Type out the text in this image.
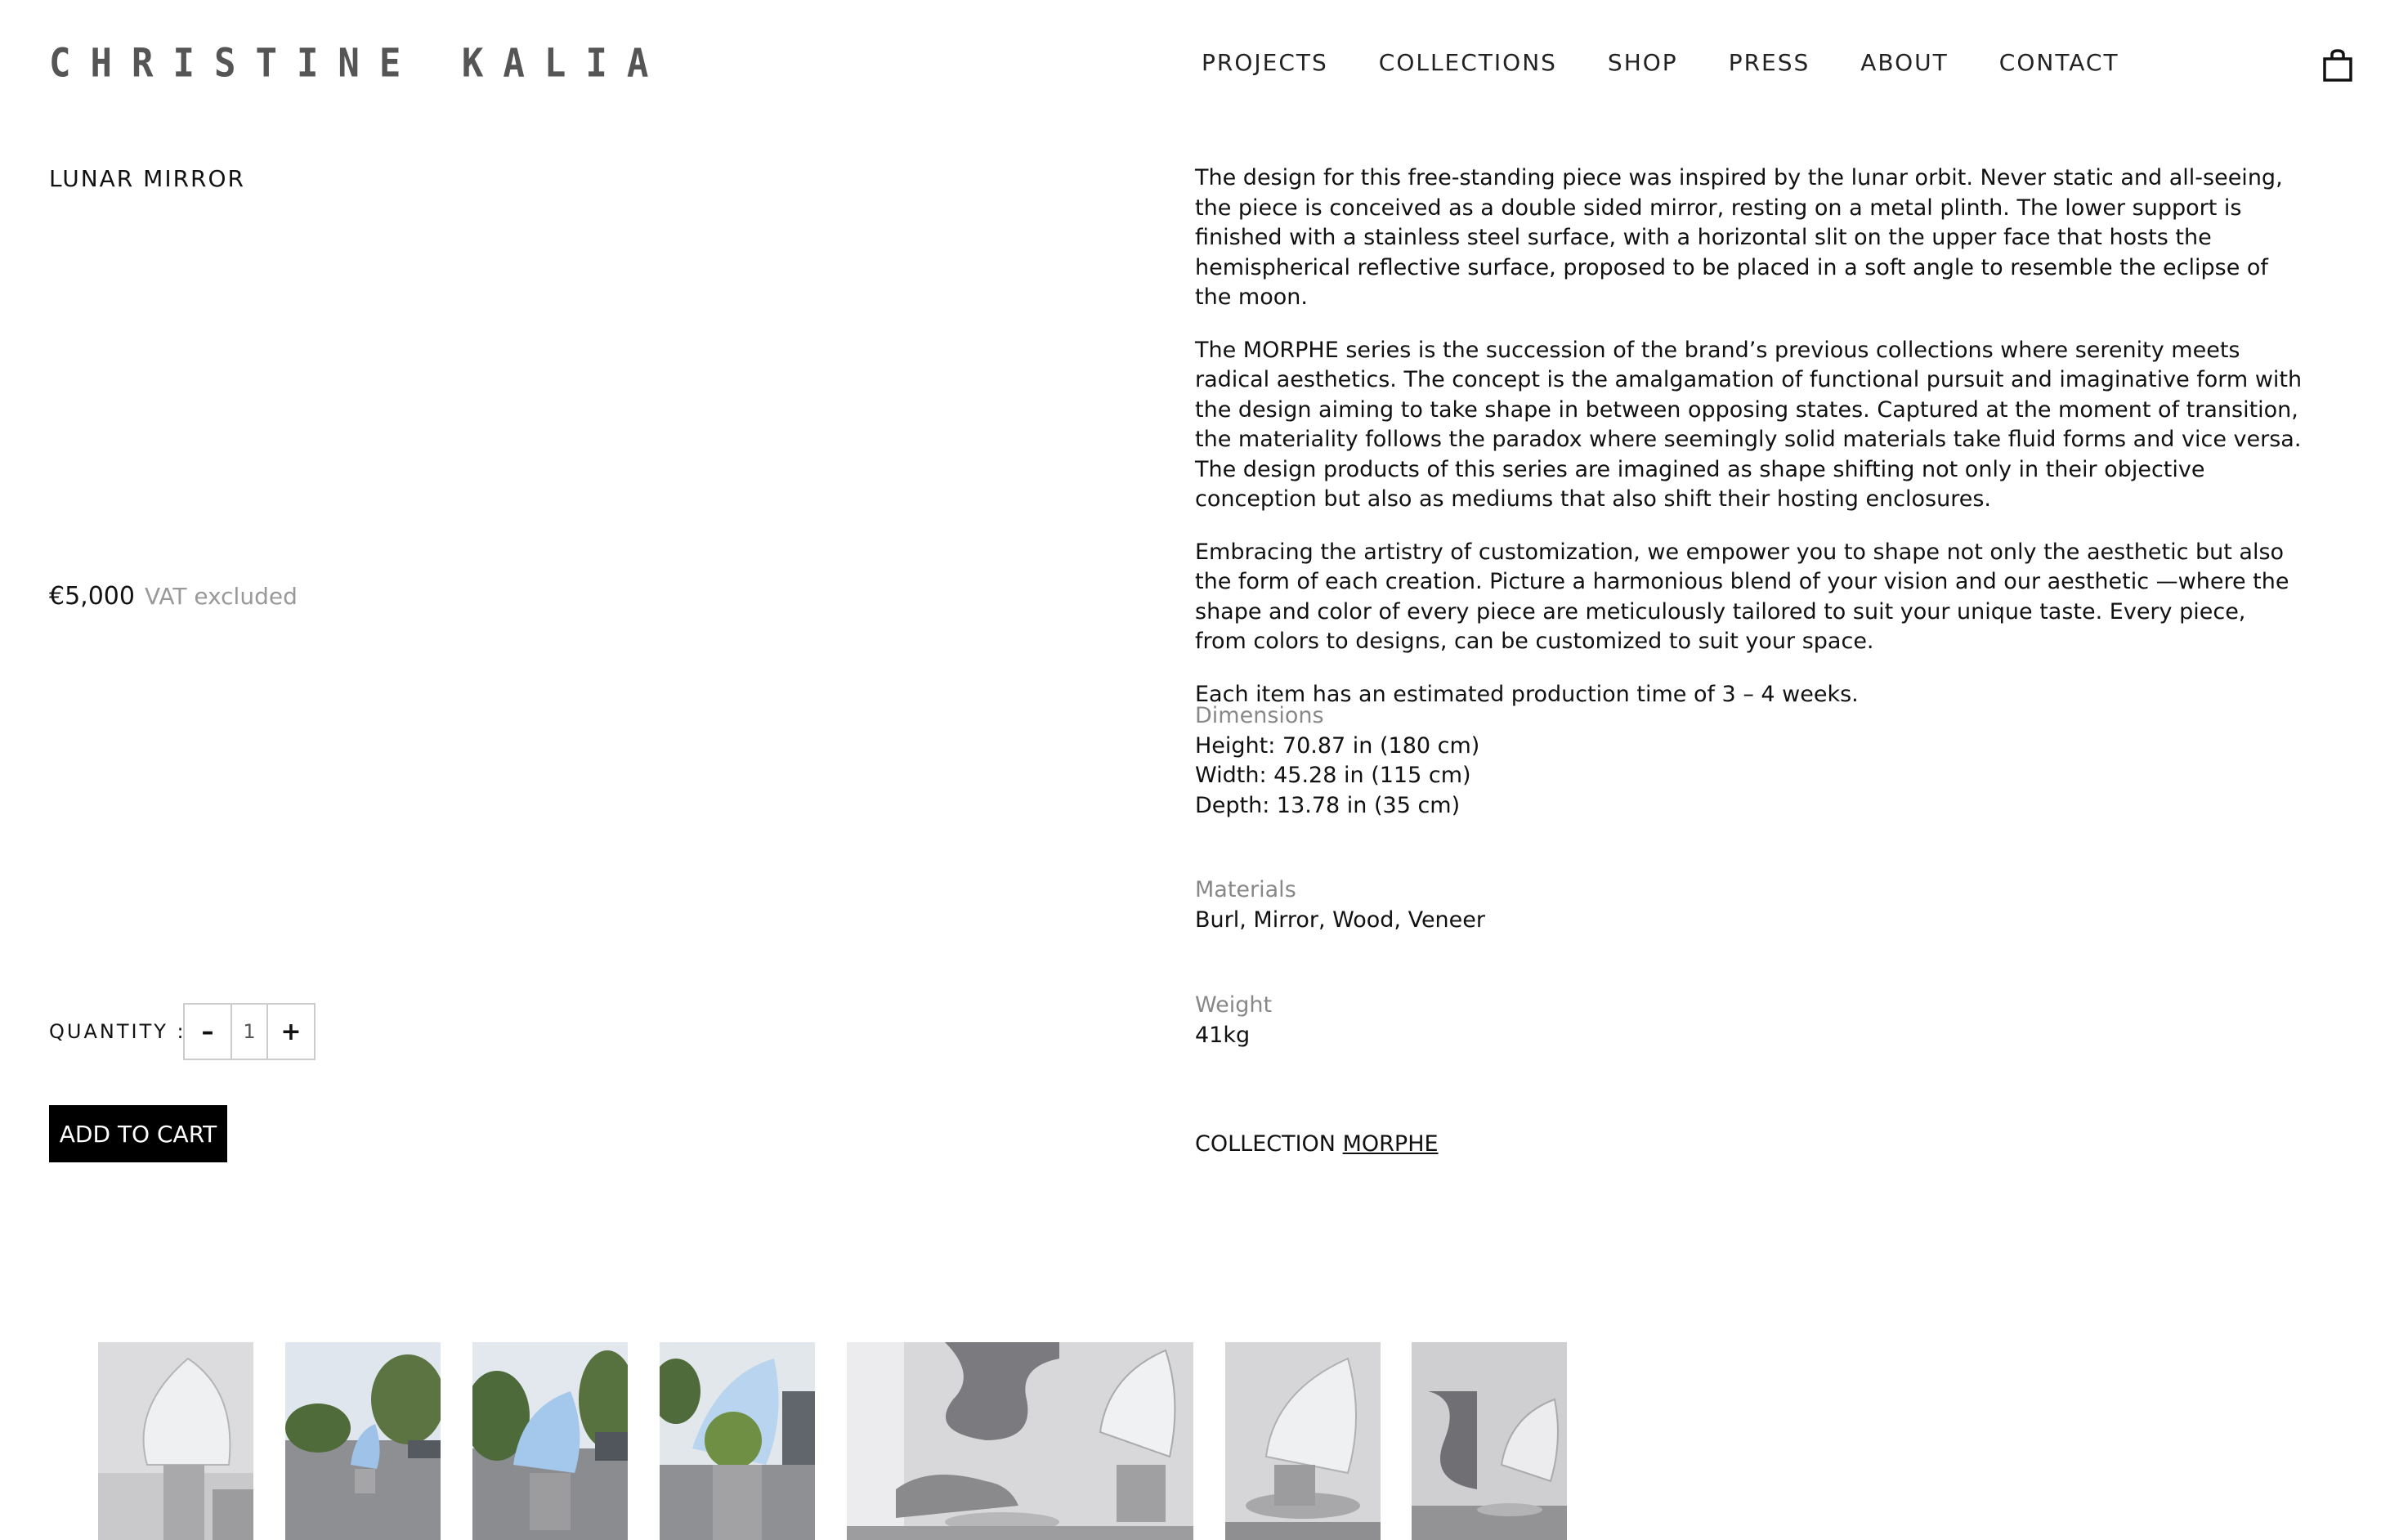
CHRISTINE KALIA	PROJECTS COLLECTIONS SHOP PRESS ABOUT CONTACT
LUNAR MIRROR
€5,000 VAT excluded
QUANTITY : –	1	+
ADD TO CART

The design for this free-standing piece was inspired by the lunar orbit. Never static and all-seeing, the piece is conceived as a double sided mirror, resting on a metal plinth. The lower support is finished with a stainless steel surface, with a horizontal slit on the upper face that hosts the hemispherical reflective surface, proposed to be placed in a soft angle to resemble the eclipse of the moon.

The MORPHE series is the succession of the brand’s previous collections where serenity meets radical aesthetics. The concept is the amalgamation of functional pursuit and imaginative form with the design aiming to take shape in between opposing states. Captured at the moment of transition, the materiality follows the paradox where seemingly solid materials take fluid forms and vice versa. The design products of this series are imagined as shape shifting not only in their objective conception but also as mediums that also shift their hosting enclosures.

Embracing the artistry of customization, we empower you to shape not only the aesthetic but also the form of each creation. Picture a harmonious blend of your vision and our aesthetic —where the shape and color of every piece are meticulously tailored to suit your unique taste. Every piece, from colors to designs, can be customized to suit your space.

Each item has an estimated production time of 3 – 4 weeks.

Dimensions
Height: 70.87 in (180 cm)
Width: 45.28 in (115 cm)
Depth: 13.78 in (35 cm)
Materials
Burl, Mirror, Wood, Veneer
Weight
41kg
COLLECTION MORPHE
